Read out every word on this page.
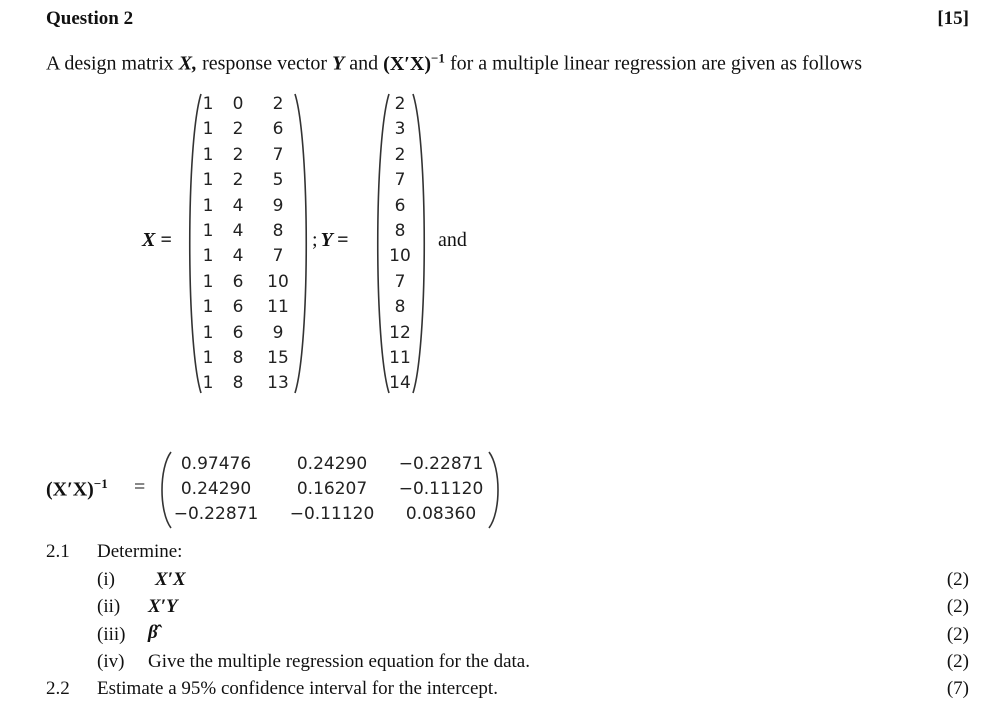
Question 2	[15]
A design matrix X, response vector Y and $(X'X)^{-1}$ for a multiple linear regression are given as follows
X =
1	0	2
1	2	6
1	2	7
1	2	5
1	4	9
1	4	8
1	4	7
1	6	10
1	6	11
1	6	9
1	8	15
1	8	13
; Y =
2
3
2
7
6
8
10
7
8
12
11
14
and
$(X'X)^{-1}$ =
0.97476	0.24290	−0.22871
0.24290	0.16207	−0.11120
−0.22871	−0.11120	0.08360
2.1 Determine:
(i) X′X	(2)
(ii) X′Y	(2)
(iii) β̂	(2)
(iv) Give the multiple regression equation for the data.	(2)
2.2 Estimate a 95% confidence interval for the intercept.	(7)
